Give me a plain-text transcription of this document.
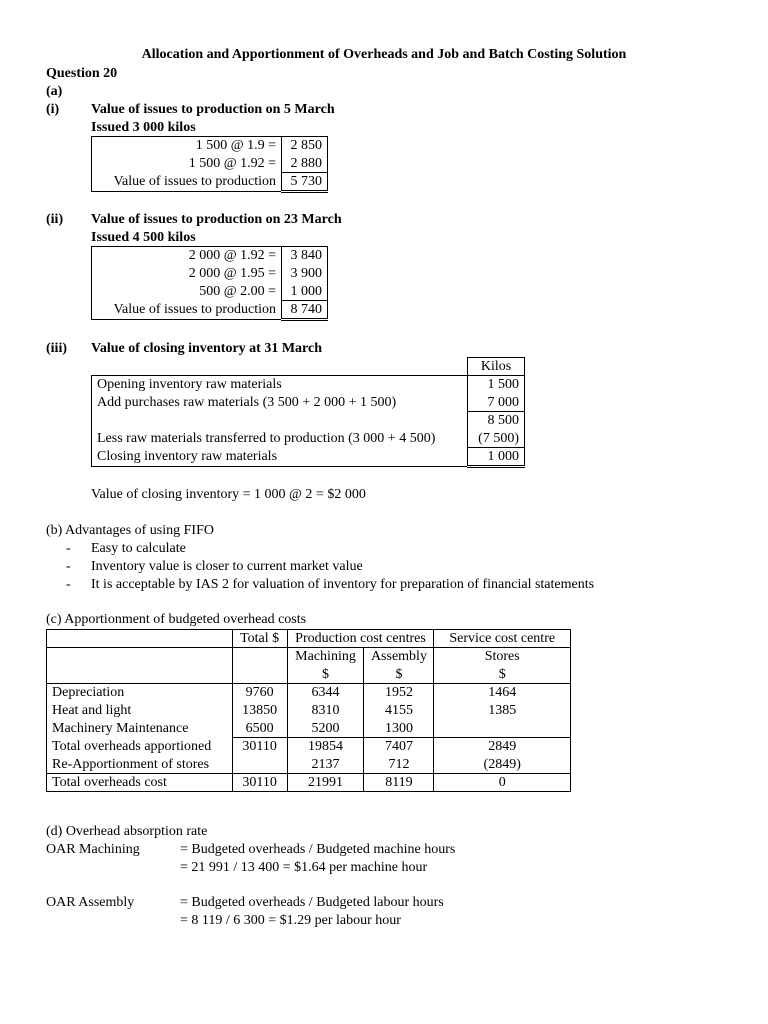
Allocation and Apportionment of Overheads and Job and Batch Costing Solution
Question 20
(a)
(i) Value of issues to production on 5 March
Issued 3 000 kilos
1 500 @ 1.9 =	2 850
1 500 @ 1.92 =	2 880
Value of issues to production	5 730
(ii) Value of issues to production on 23 March
Issued 4 500 kilos
2 000 @ 1.92 =	3 840
2 000 @ 1.95 =	3 900
500 @ 2.00 =	1 000
Value of issues to production	8 740
(iii) Value of closing inventory at 31 March
	Kilos
Opening inventory raw materials	1 500
Add purchases raw materials (3 500 + 2 000 + 1 500)	7 000
	8 500
Less raw materials transferred to production (3 000 + 4 500)	(7 500)
Closing inventory raw materials	1 000
Value of closing inventory = 1 000 @ 2 = $2 000
(b) Advantages of using FIFO
- Easy to calculate
- Inventory value is closer to current market value
- It is acceptable by IAS 2 for valuation of inventory for preparation of financial statements
(c) Apportionment of budgeted overhead costs
	Total $	Production cost centres		Service cost centre
		Machining	Assembly	Stores
		$	$	$
Depreciation	9760	6344	1952	1464
Heat and light	13850	8310	4155	1385
Machinery Maintenance	6500	5200	1300	
Total overheads apportioned	30110	19854	7407	2849
Re-Apportionment of stores		2137	712	(2849)
Total overheads cost	30110	21991	8119	0
(d) Overhead absorption rate
OAR Machining	= Budgeted overheads / Budgeted machine hours
= 21 991 / 13 400 = $1.64 per machine hour
OAR Assembly	= Budgeted overheads / Budgeted labour hours
= 8 119 / 6 300 = $1.29 per labour hour
